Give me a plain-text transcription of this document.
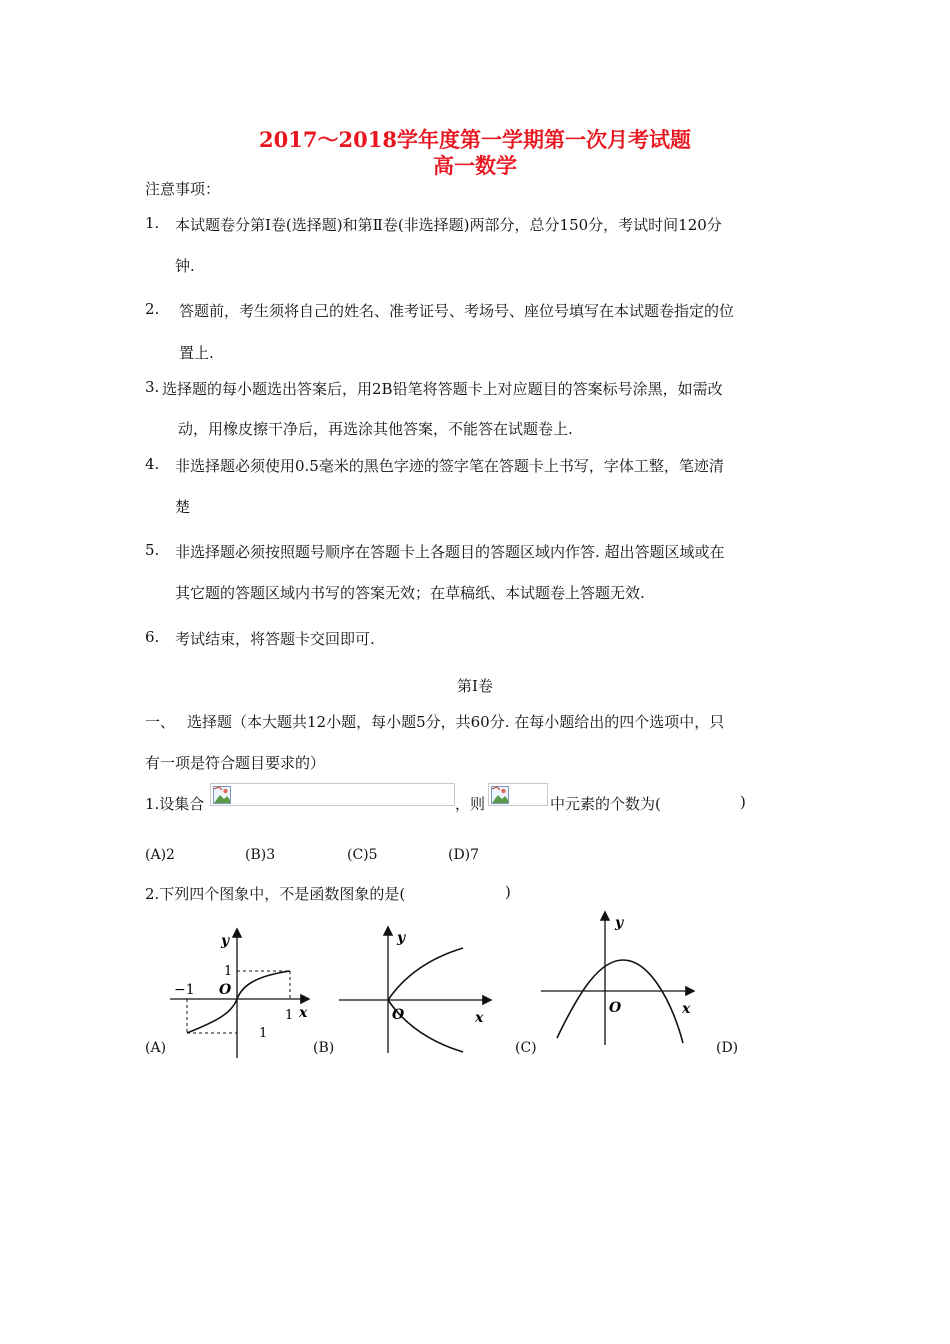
2017～2018学年度第一学期第一次月考试题
高一数学
注意事项：
1. 本试题卷分第Ⅰ卷(选择题)和第Ⅱ卷(非选择题)两部分，总分150分，考试时间120分
钟.
2. 答题前，考生须将自己的姓名、准考证号、考场号、座位号填写在本试题卷指定的位
置上.
3. 选择题的每小题选出答案后，用2B铅笔将答题卡上对应题目的答案标号涂黑，如需改
动，用橡皮擦干净后，再选涂其他答案，不能答在试题卷上.
4. 非选择题必须使用0.5毫米的黑色字迹的签字笔在答题卡上书写，字体工整，笔迹清
楚
5. 非选择题必须按照题号顺序在答题卡上各题目的答题区域内作答. 超出答题区域或在
其它题的答题区域内书写的答案无效；在草稿纸、本试题卷上答题无效.
6. 考试结束，将答题卡交回即可.
第Ⅰ卷
一、 选择题（本大题共12小题，每小题5分，共60分. 在每小题给出的四个选项中，只
有一项是符合题目要求的）
1.设集合	，则	中元素的个数为(	)
(A)2	(B)3	(C)5	(D)7
2.下列四个图象中，不是函数图象的是(	)
y
x
O
−1
1
1
1
y
x
O
y
x
O
(A)	(B)	(C)	(D)
